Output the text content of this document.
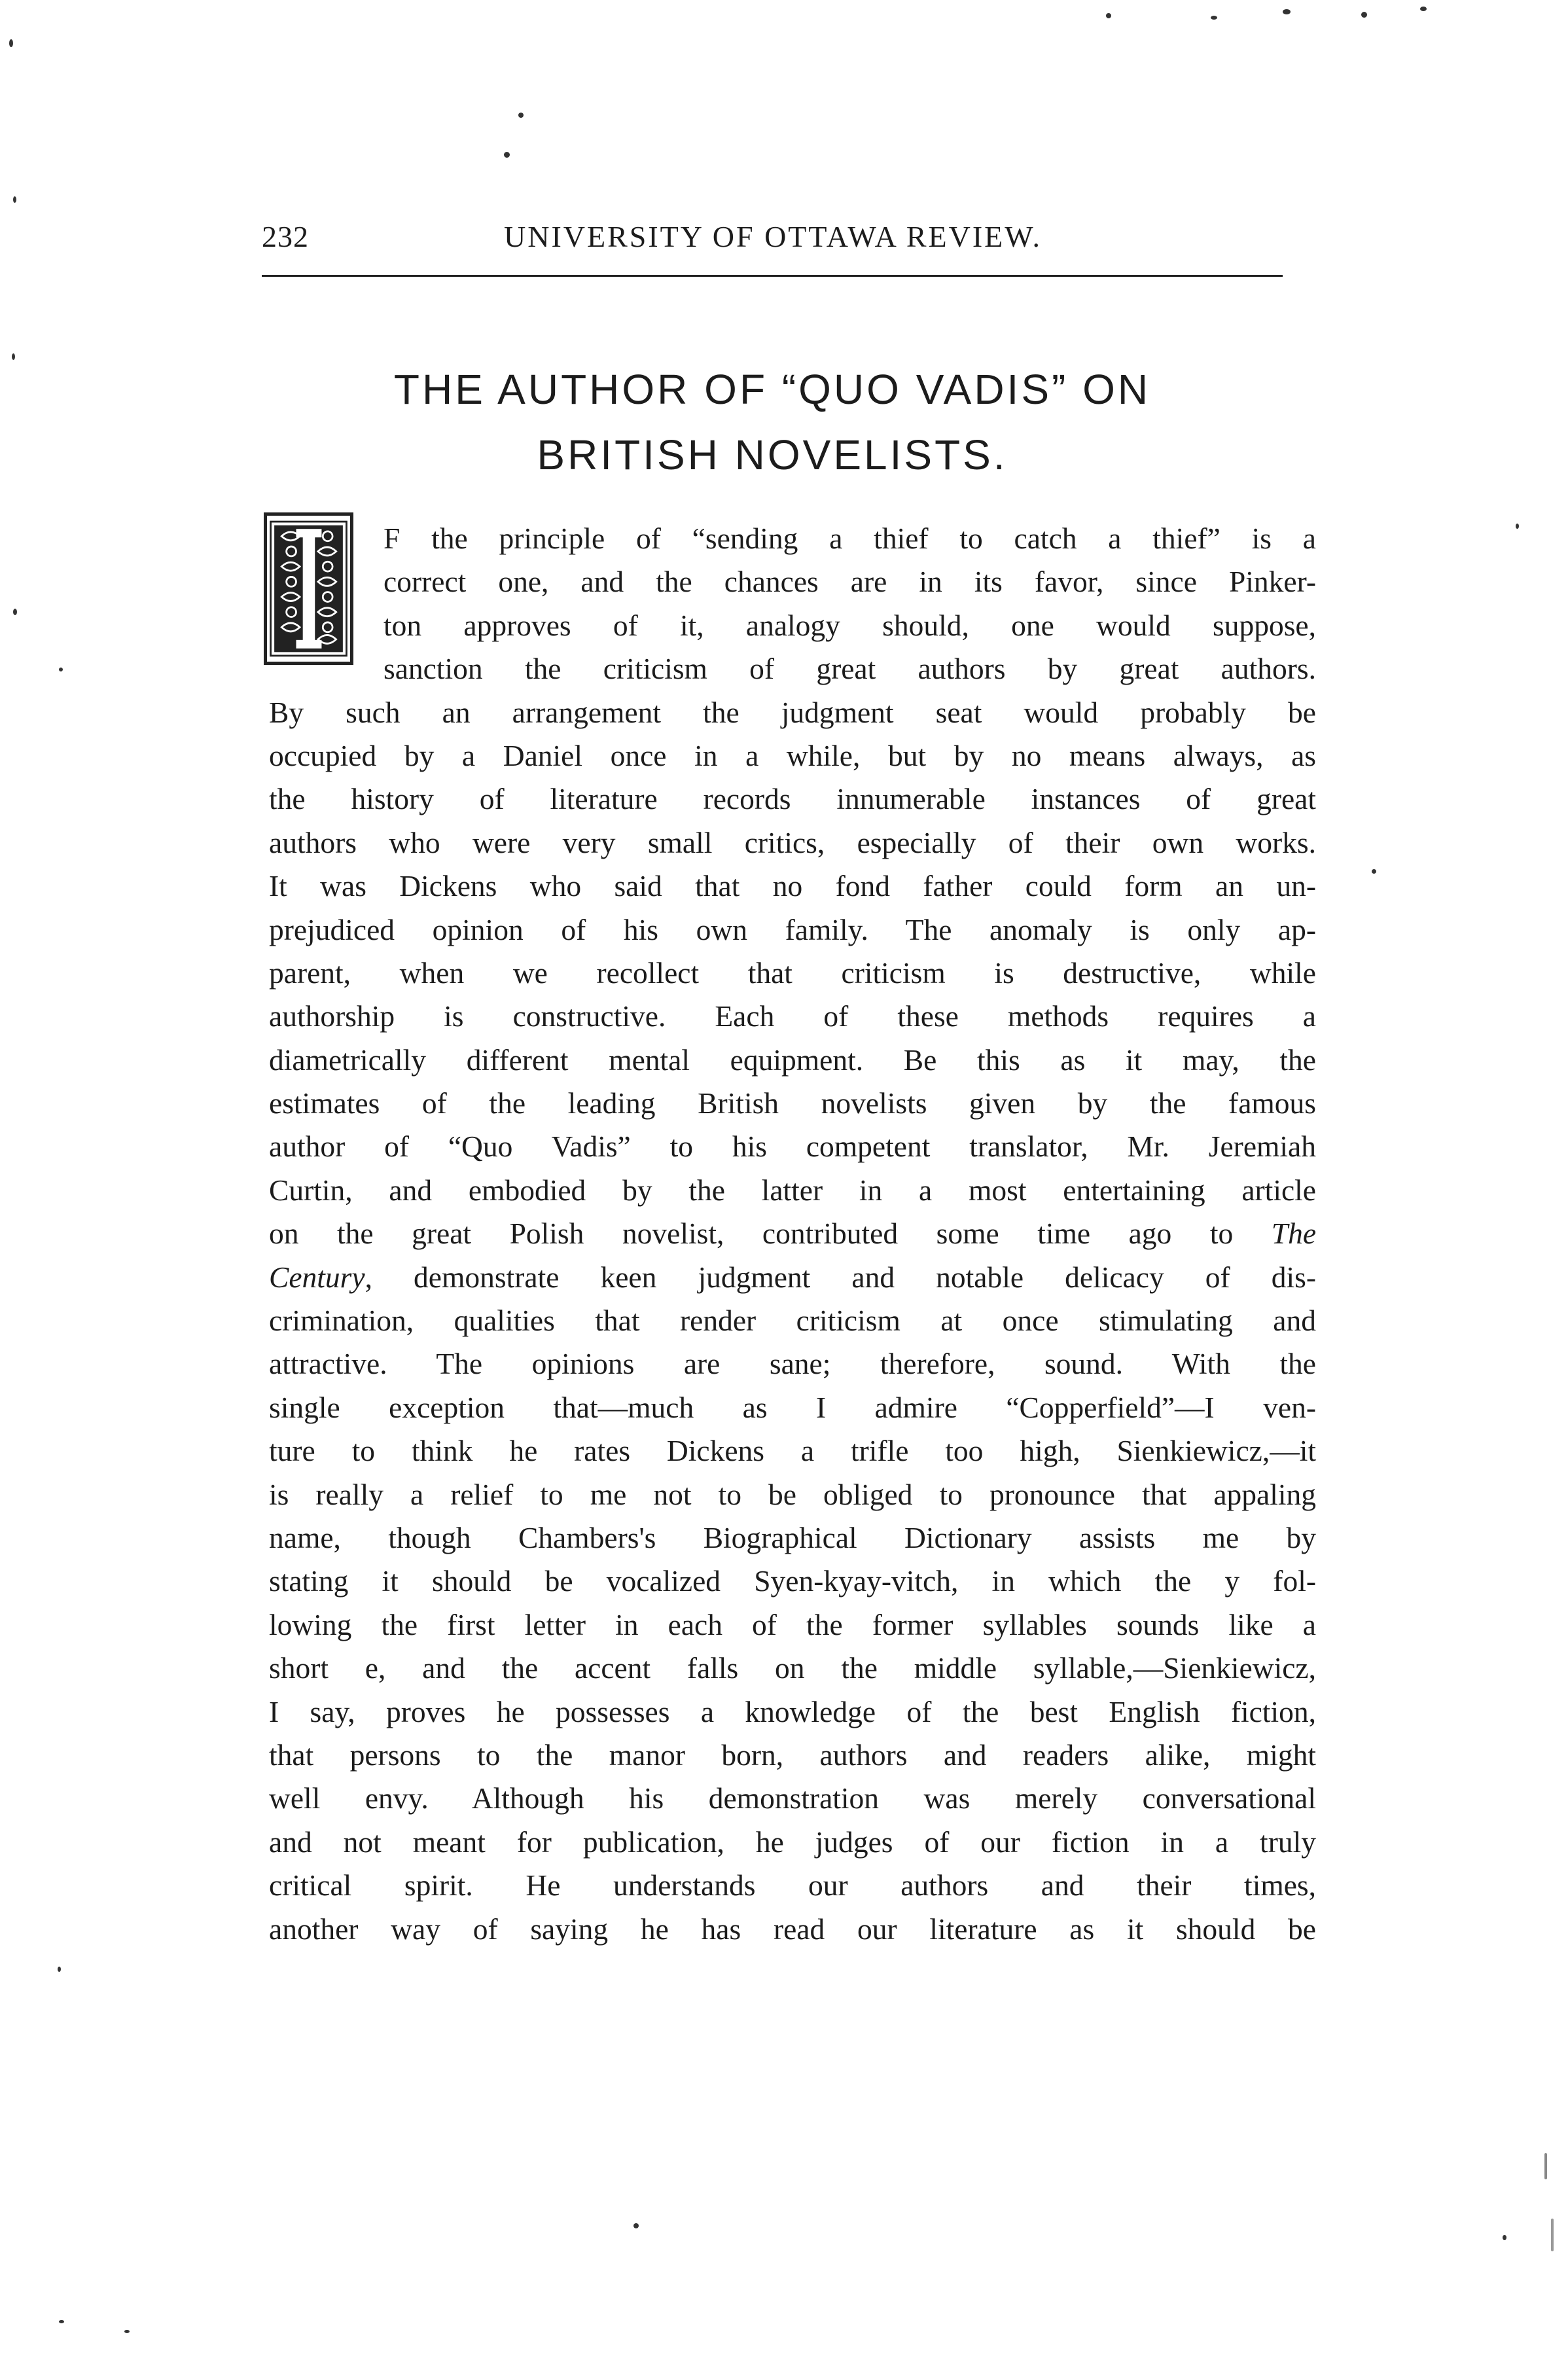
232	UNIVERSITY OF OTTAWA REVIEW.
THE AUTHOR OF “QUO VADIS” ON
BRITISH NOVELISTS.
I
F the principle of “sending a thief to catch a thief” is a
correct one, and the chances are in its favor, since Pinker-
ton approves of it, analogy should, one would suppose,
sanction the criticism of great authors by great authors.
By such an arrangement the judgment seat would probably be
occupied by a Daniel once in a while, but by no means always, as
the history of literature records innumerable instances of great
authors who were very small critics, especially of their own works.
It was Dickens who said that no fond father could form an un-
prejudiced opinion of his own family. The anomaly is only ap-
parent, when we recollect that criticism is destructive, while
authorship is constructive. Each of these methods requires a
diametrically different mental equipment. Be this as it may, the
estimates of the leading British novelists given by the famous
author of “Quo Vadis” to his competent translator, Mr. Jeremiah
Curtin, and embodied by the latter in a most entertaining article
on the great Polish novelist, contributed some time ago to The
Century, demonstrate keen judgment and notable delicacy of dis-
crimination, qualities that render criticism at once stimulating and
attractive. The opinions are sane; therefore, sound. With the
single exception that—much as I admire “Copperfield”—I ven-
ture to think he rates Dickens a trifle too high, Sienkiewicz,—it
is really a relief to me not to be obliged to pronounce that appaling
name, though Chambers's Biographical Dictionary assists me by
stating it should be vocalized Syen-kyay-vitch, in which the y fol-
lowing the first letter in each of the former syllables sounds like a
short e, and the accent falls on the middle syllable,—Sienkiewicz,
I say, proves he possesses a knowledge of the best English fiction,
that persons to the manor born, authors and readers alike, might
well envy. Although his demonstration was merely conversational
and not meant for publication, he judges of our fiction in a truly
critical spirit. He understands our authors and their times,
another way of saying he has read our literature as it should be
